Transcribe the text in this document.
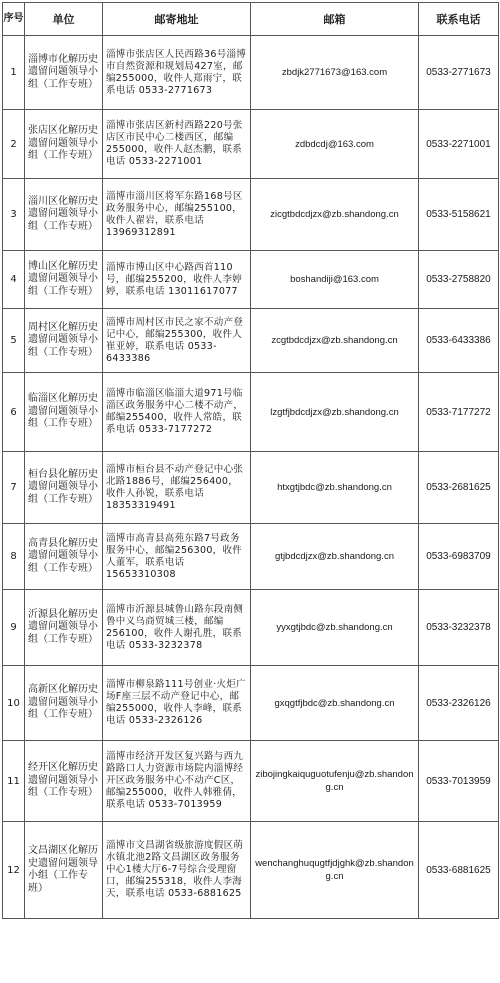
序号	单位	邮寄地址	邮箱	联系电话
1	淄博市化解历史遗留问题领导小组（工作专班）	淄博市张店区人民西路36号淄博市自然资源和规划局427室，邮编255000，收件人郑雨宁，联系电话 0533-2771673	zbdjk2771673@163.com	0533-2771673
2	张店区化解历史遗留问题领导小组（工作专班）	淄博市张店区新村西路220号张店区市民中心二楼西区，邮编255000，收件人赵杰鹏，联系电话 0533-2271001	zdbdcdj@163.com	0533-2271001
3	淄川区化解历史遗留问题领导小组（工作专班）	淄博市淄川区将军东路168号区政务服务中心，邮编255100，收件人翟岩，联系电话 13969312891	zicgtbdcdjzx@zb.shandong.cn	0533-5158621
4	博山区化解历史遗留问题领导小组（工作专班）	淄博市博山区中心路西首110号，邮编255200，收件人李婷婷，联系电话 13011617077	boshandiji@163.com	0533-2758820
5	周村区化解历史遗留问题领导小组（工作专班）	淄博市周村区市民之家不动产登记中心，邮编255300，收件人崔亚婷，联系电话 0533-6433386	zcgtbdcdjzx@zb.shandong.cn	0533-6433386
6	临淄区化解历史遗留问题领导小组（工作专班）	淄博市临淄区临淄大道971号临淄区政务服务中心二楼不动产，邮编255400，收件人常皓，联系电话 0533-7177272	lzgtfjbdcdjzx@zb.shandong.cn	0533-7177272
7	桓台县化解历史遗留问题领导小组（工作专班）	淄博市桓台县不动产登记中心张北路1886号，邮编256400，收件人孙锐，联系电话 18353319491	htxgtjbdc@zb.shandong.cn	0533-2681625
8	高青县化解历史遗留问题领导小组（工作专班）	淄博市高青县高苑东路7号政务服务中心，邮编256300，收件人董军，联系电话 15653310308	gtjbdcdjzx@zb.shandong.cn	0533-6983709
9	沂源县化解历史遗留问题领导小组（工作专班）	淄博市沂源县城鲁山路东段南侧鲁中义乌商贸城三楼，邮编256100，收件人谢孔胜，联系电话 0533-3232378	yyxgtjbdc@zb.shandong.cn	0533-3232378
10	高新区化解历史遗留问题领导小组（工作专班）	淄博市柳泉路111号创业·火炬广场F座三层不动产登记中心，邮编255000，收件人李峰，联系电话 0533-2326126	gxqgtfjbdc@zb.shandong.cn	0533-2326126
11	经开区化解历史遗留问题领导小组（工作专班）	淄博市经济开发区复兴路与西九路路口人力资源市场院内淄博经开区政务服务中心不动产C区，邮编255000，收件人韩雅倩，联系电话 0533-7013959	zibojingkaiquguotufenju@zb.shandong.cn	0533-7013959
12	文昌湖区化解历史遗留问题领导小组（工作专班）	淄博市文昌湖省级旅游度假区萌水镇北池2路文昌湖区政务服务中心1楼大厅6-7号综合受理窗口，邮编255318，收件人李海天，联系电话 0533-6881625	wenchanghuqugtfjdjghk@zb.shandong.cn	0533-6881625
